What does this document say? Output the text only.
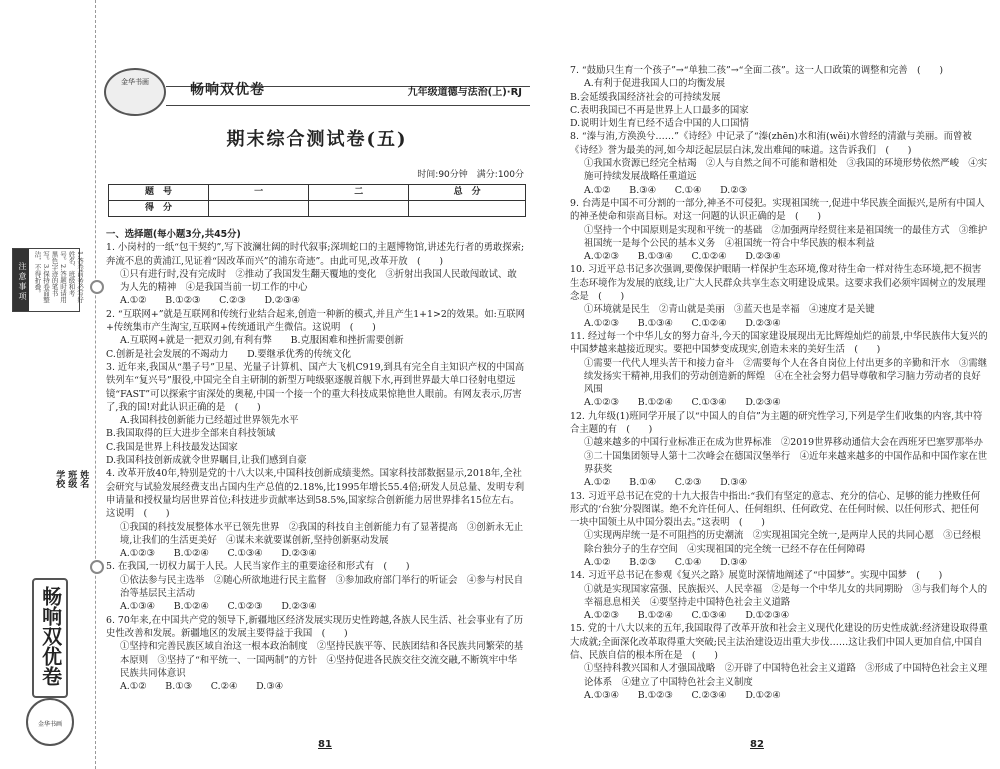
注意事项	1.答卷前务必写好姓名、班级和考号。2.答题时请用黑色字迹的笔书写。3.保持卷面整洁，不得折叠。
学校 班级 姓名
畅响双优卷
金华书画
金华书画	畅响双优卷	九年级道德与法治(上)·RJ
期末综合测试卷(五)
时间:90分钟　满分:100分
题　号	一	二	总　分
得　分			
一、选择题(每小题3分,共45分)
1. 小岗村的一纸“包干契约”,写下波澜壮阔的时代叙事;深圳蛇口的主题博物馆,讲述先行者的勇敢探索;奔流不息的黄浦江,见证着“因改革而兴”的浦东奇迹”。由此可见,改革开放　(　　)
①只有进行时,没有完成时　②推动了我国发生翻天覆地的变化　③折射出我国人民敢闯敢试、敢为人先的精神　④是我国当前一切工作的中心
A.①②　　B.①②③　　C.②③　　D.②③④
2. “互联网+”就是互联网和传统行业结合起来,创造一种新的模式,并且产生1+1>2的效果。如:互联网+传统集市产生淘宝,互联网+传统通讯产生微信。这说明　(　　)
A.互联网+就是一把双刃剑,有利有弊　　B.克服困难和挫折需要创新
C.创新是社会发展的不竭动力　　D.要继承优秀的传统文化
3. 近年来,我国从“墨子号”卫星、光量子计算机、国产大飞机C919,到具有完全自主知识产权的中国高铁列车“复兴号”服役,中国完全自主研制的新型万吨级驱逐舰首舰下水,再到世界最大单口径射电望远镜“FAST”可以探索宇宙深处的奥秘,中国一个接一个的重大科技成果惊艳世人眼前。有网友表示,厉害了,我的国!对此认识正确的是　(　　)
A.我国科技创新能力已经超过世界领先水平
B.我国取得的巨大进步全部来自科技领域
C.我国是世界上科技最发达国家
D.我国科技创新成就令世界瞩目,让我们感到自豪
4. 改革开放40年,特别是党的十八大以来,中国科技创新成绩斐然。国家科技部数据显示,2018年,全社会研究与试验发展经费支出占国内生产总值的2.18%,比1995年增长55.4倍;研发人员总量、发明专利申请量和授权量均居世界首位;科技进步贡献率达到58.5%,国家综合创新能力居世界排名15位左右。这说明　(　　)
①我国的科技发展整体水平已领先世界　②我国的科技自主创新能力有了显著提高　③创新永无止境,让我们的生活更美好　④谋未来就要谋创新,坚持创新驱动发展
A.①②③　　B.①②④　　C.①③④　　D.②③④
5. 在我国,一切权力属于人民。人民当家作主的重要途径和形式有　(　　)
①依法参与民主选举　②随心所欲地进行民主监督　③参加政府部门举行的听证会　④参与村民自治等基层民主活动
A.①③④　　B.①②④　　C.①②③　　D.②③④
6. 70年来,在中国共产党的领导下,新疆地区经济发展实现历史性跨越,各族人民生活、社会事业有了历史性改善和发展。新疆地区的发展主要得益于我国　(　　)
①坚持和完善民族区域自治这一根本政治制度　②坚持民族平等、民族团结和各民族共同繁荣的基本原则　③坚持了“和平统一、一国两制”的方针　④坚持促进各民族交往交流交融,不断筑牢中华民族共同体意识
A.①②　　B.①③　　C.②④　　D.③④
7. “鼓励只生育一个孩子”→“单独二孩”→“全面二孩”。这一人口政策的调整和完善　(　　)
A.有利于促进我国人口的均衡发展
B.会延缓我国经济社会的可持续发展
C.表明我国已不再是世界上人口最多的国家
D.说明计划生育已经不适合中国的人口国情
8. “溱与洧,方涣涣兮……”《诗经》中记录了“溱(zhēn)水和洧(wěi)水曾经的清澈与美丽。而曾被《诗经》誉为最美的河,如今却泛起层层白沫,发出难闻的味道。这告诉我们　(　　)
①我国水资源已经完全枯竭　②人与自然之间不可能和谐相处　③我国的环境形势依然严峻　④实施可持续发展战略任重道远
A.①②　　B.③④　　C.①④　　D.②③
9. 台湾是中国不可分割的一部分,神圣不可侵犯。实现祖国统一,促进中华民族全面振兴,是所有中国人的神圣使命和崇高目标。对这一问题的认识正确的是　(　　)
①坚持一个中国原则是实现和平统一的基础　②加强两岸经贸往来是祖国统一的最佳方式　③维护祖国统一是每个公民的基本义务　④祖国统一符合中华民族的根本利益
A.①②③　　B.①③④　　C.①②④　　D.②③④
10. 习近平总书记多次强调,要像保护眼睛一样保护生态环境,像对待生命一样对待生态环境,把不损害生态环境作为发展的底线,让广大人民群众共享生态文明建设成果。这要求我们必须牢固树立的发展理念是　(　　)
①环境就是民生　②青山就是美丽　③蓝天也是幸福　④速度才是关键
A.①②③　　B.①③④　　C.①②④　　D.②③④
11. 经过每一个中华儿女的努力奋斗,今天的国家建设展现出无比辉煌灿烂的前景,中华民族伟大复兴的中国梦越来越接近现实。要把中国梦变成现实,创造未来的美好生活　(　　)
①需要一代代人埋头苦干和接力奋斗　②需要每个人在各自岗位上付出更多的辛勤和汗水　③需继续发扬实干精神,用我们的劳动创造新的辉煌　④在全社会努力倡导尊敬和学习脑力劳动者的良好风围
A.①②③　　B.①②④　　C.①③④　　D.②③④
12. 九年级(1)班同学开展了以“中国人的自信”为主题的研究性学习,下列是学生们收集的内容,其中符合主题的有　(　　)
①越来越多的中国行业标准正在成为世界标准　②2019世界移动通信大会在西班牙巴塞罗那举办　③二十国集团领导人第十二次峰会在德国汉堡举行　④近年来越来越多的中国作品和中国作家在世界获奖
A.①②　　B.①④　　C.②③　　D.③④
13. 习近平总书记在党的十九大报告中指出:“我们有坚定的意志、充分的信心、足够的能力挫败任何形式的‘台独’分裂图谋。绝不允许任何人、任何组织、任何政党、在任何时候、以任何形式、把任何一块中国领土从中国分裂出去。”这表明　(　　)
①实现两岸统一是不可阻挡的历史潮流　②实现祖国完全统一,是两岸人民的共同心愿　③已经根除台独分子的生存空间　④实现祖国的完全统一已经不存在任何障碍
A.①②　　B.②③　　C.①④　　D.③④
14. 习近平总书记在参观《复兴之路》展览时深情地阐述了“中国梦”。实现中国梦　(　　)
①就是实现国家富强、民族振兴、人民幸福　②是每一个中华儿女的共同期盼　③与我们每个人的幸福息息相关　④要坚持走中国特色社会主义道路
A.①②③　　B.①②④　　C.①③④　　D.①②③④
15. 党的十八大以来的五年,我国取得了改革开放和社会主义现代化建设的历史性成就:经济建设取得重大成就;全面深化改革取得重大突破;民主法治建设迈出重大步伐……这让我们中国人更加自信,中国自信、民族自信的根本所在是　(　　)
①坚持科教兴国和人才强国战略　②开辟了中国特色社会主义道路　③形成了中国特色社会主义理论体系　④建立了中国特色社会主义制度
A.①③④　　B.①②③　　C.②③④　　D.①②④
81	82
